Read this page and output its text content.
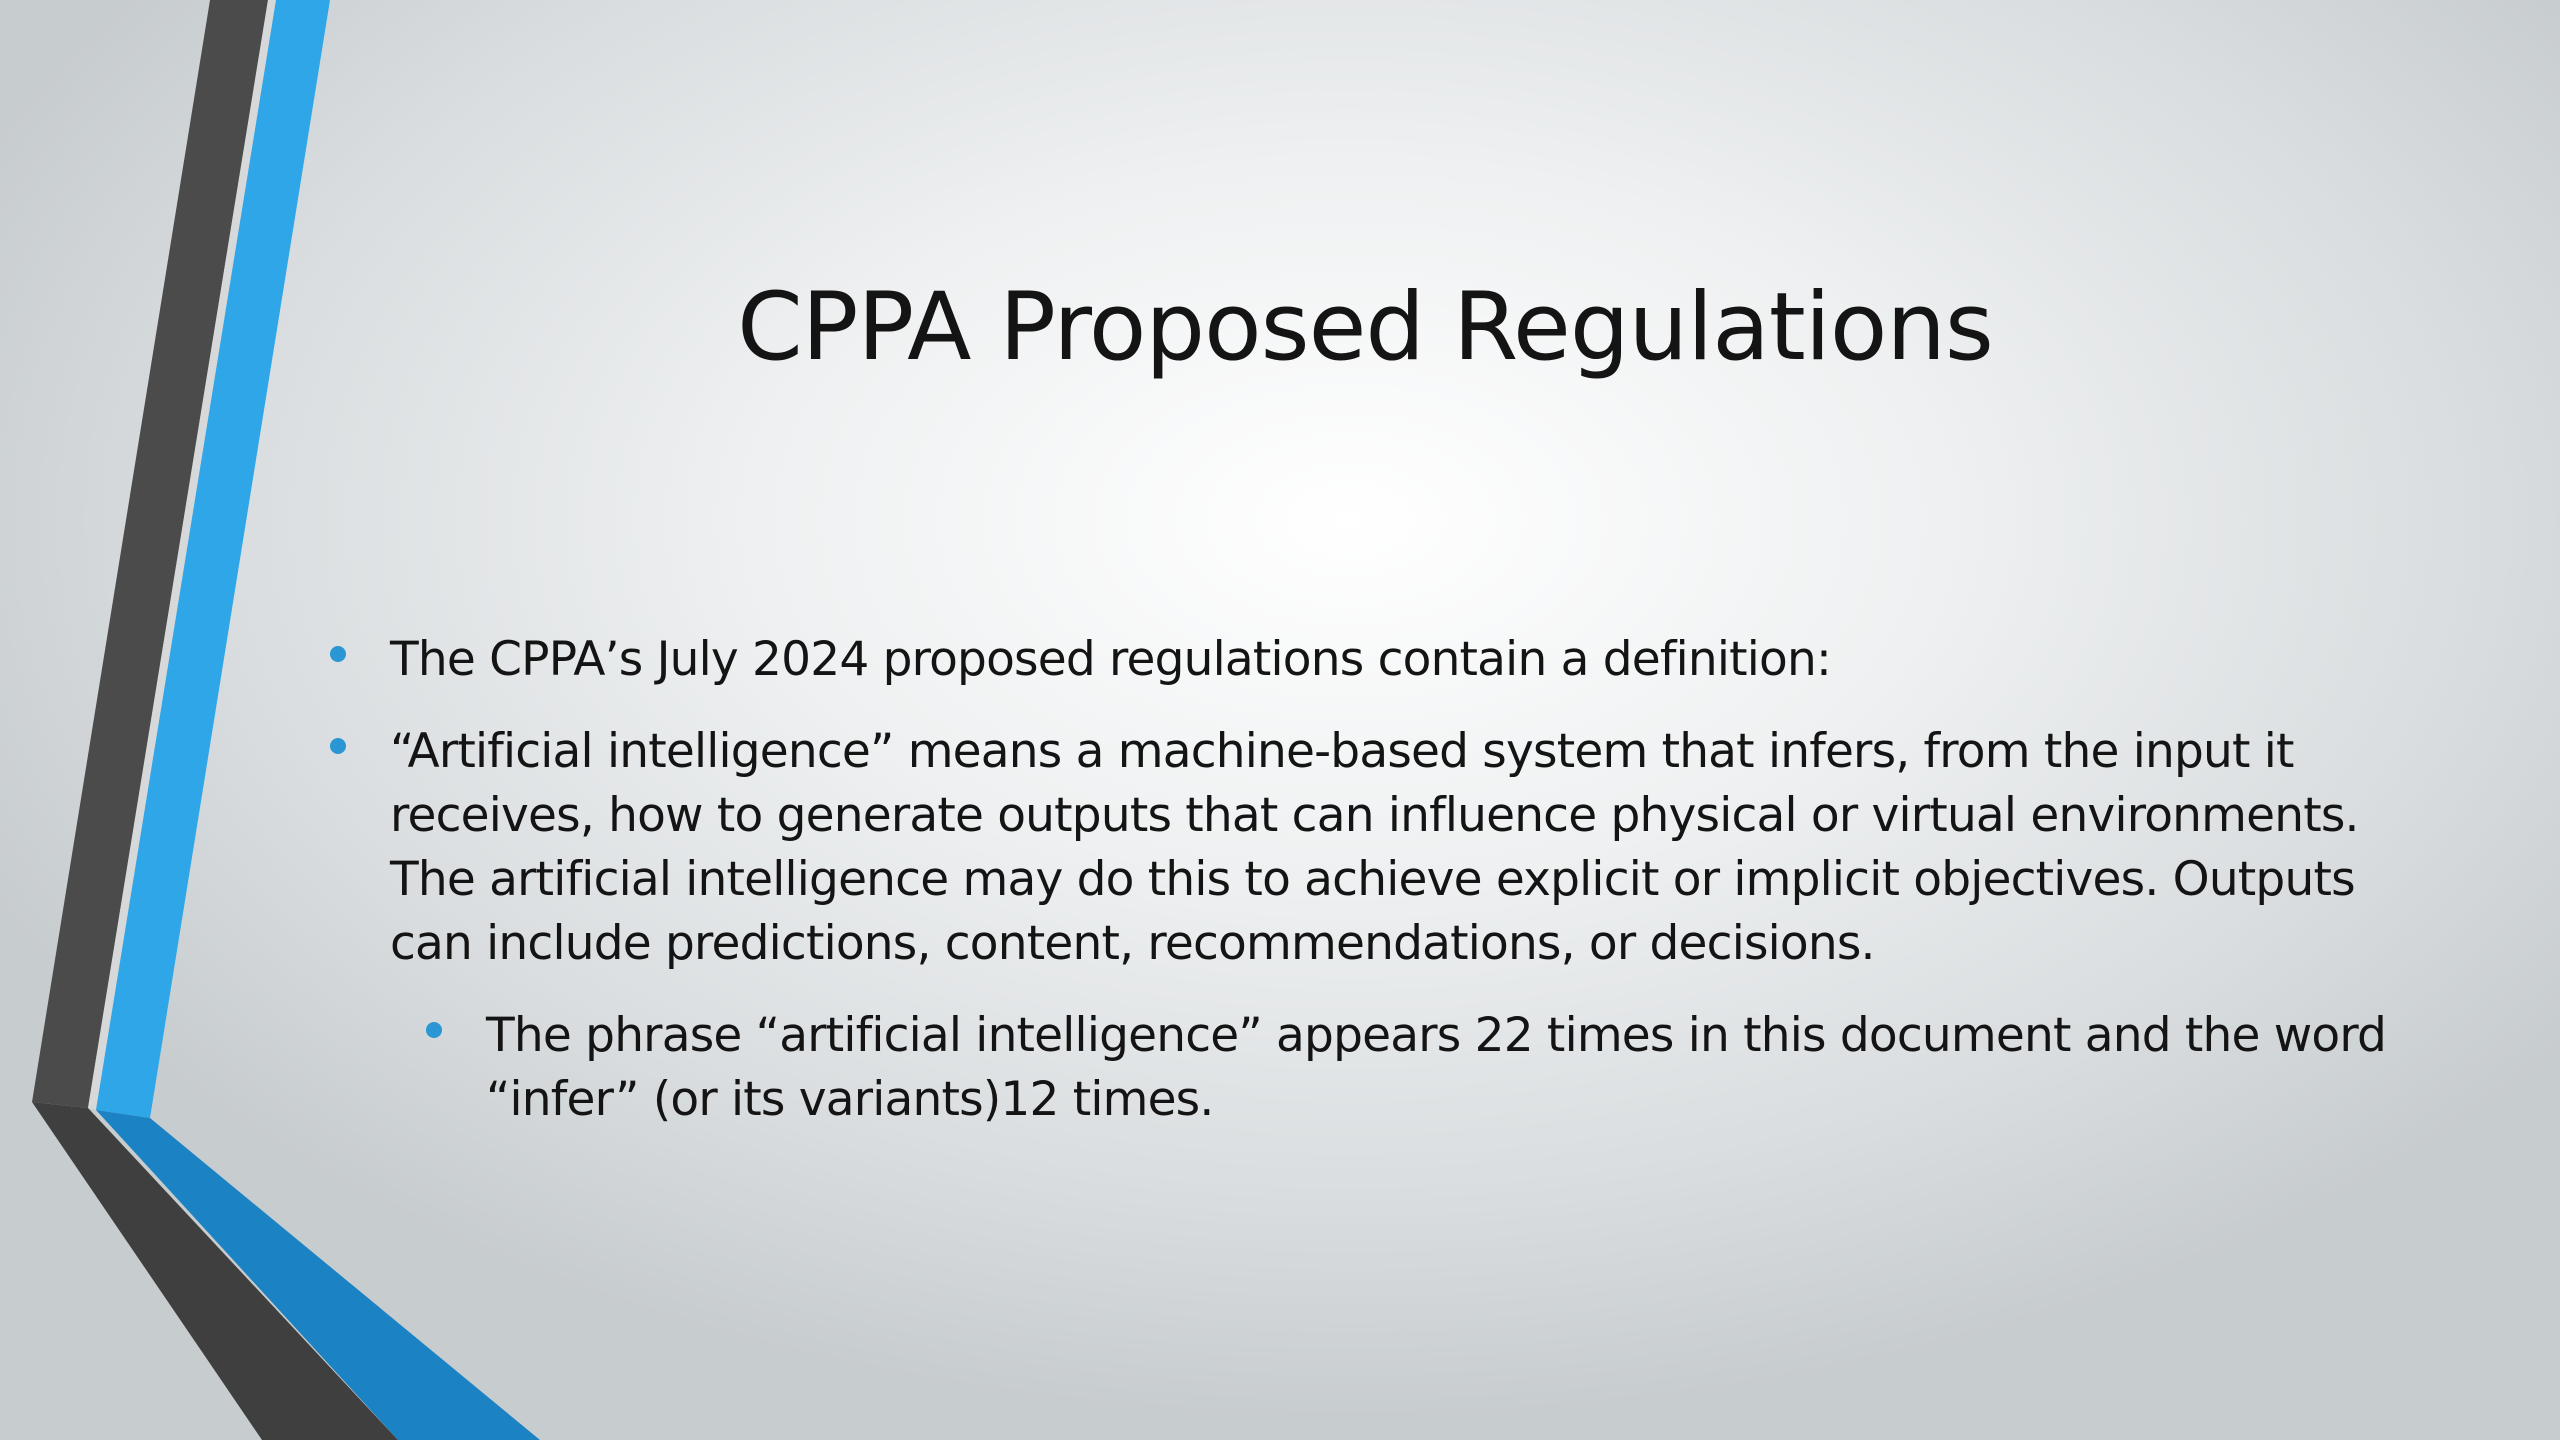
CPPA Proposed Regulations
The CPPA’s July 2024 proposed regulations contain a definition:
“Artificial intelligence” means a machine-based system that infers, from the input it receives, how to generate outputs that can influence physical or virtual environments. The artificial intelligence may do this to achieve explicit or implicit objectives. Outputs can include predictions, content, recommendations, or decisions.
The phrase “artificial intelligence” appears 22 times in this document and the word “infer” (or its variants)12 times.
